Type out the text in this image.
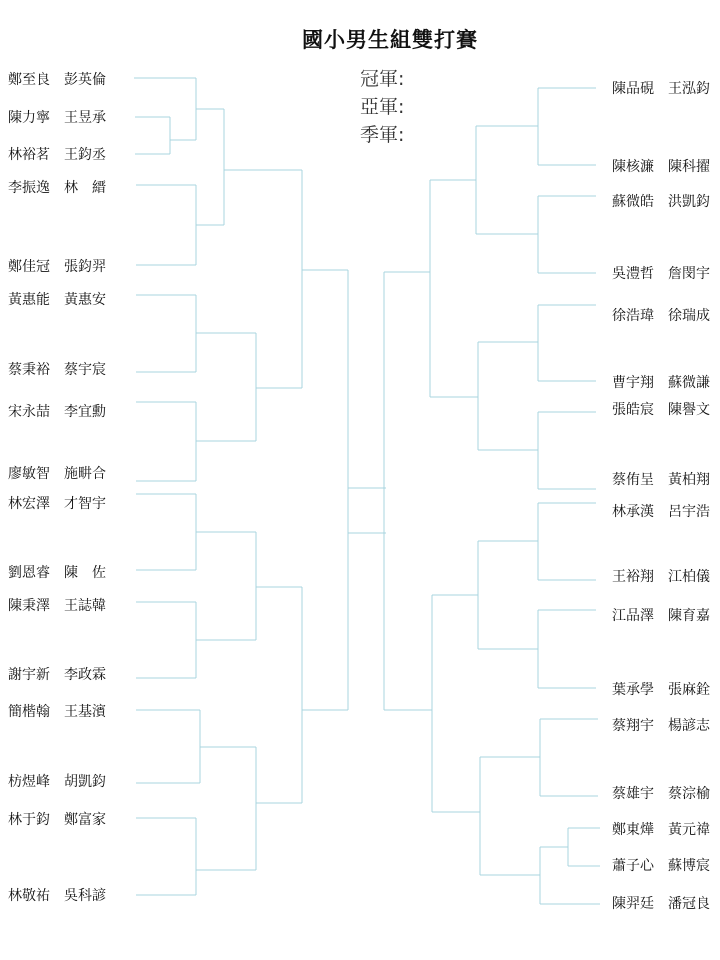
國小男生組雙打賽
冠軍:
亞軍:
季軍:
鄭至良　彭英倫
陳力寧　王昱承
林裕茗　王鈞丞
李振逸　林　縉
鄭佳冠　張鈞羿
黃惠能　黃惠安
蔡秉裕　蔡宇宸
宋永喆　李宜勳
廖敏智　施畊合
林宏澤　才智宇
劉恩睿　陳　佐
陳秉澤　王誌韓
謝宇新　李政霖
簡楷翰　王基濱
枋煜峰　胡凱鈞
林于鈞　鄭富家
林敬祐　吳科諺
陳品硯　王泓鈞
陳核濂　陳科擢
蘇微皓　洪凱鈞
吳澧哲　詹閔宇
徐浩瑋　徐瑞成
曹宇翔　蘇微謙
張皓宸　陳譽文
蔡侑呈　黃柏翔
林承漢　呂宇浩
王裕翔　江柏儀
江品澤　陳育嘉
葉承學　張麻銓
蔡翔宇　楊諺志
蔡雄宇　蔡淙榆
鄭東燁　黃元禕
蕭子心　蘇博宸
陳羿廷　潘冠良
